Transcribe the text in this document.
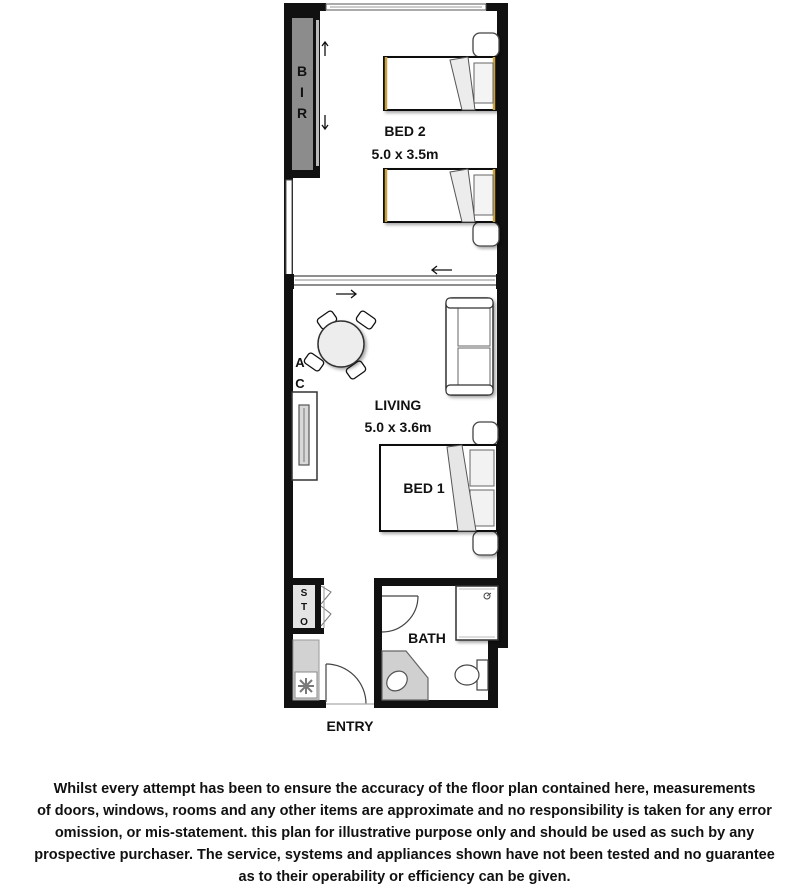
B
I
R
BED 2
5.0 x 3.5m
A
C
LIVING
5.0 x 3.6m
BED 1
S
T
O
ENTRY
BATH
Whilst every attempt has been to ensure the accuracy of the floor plan contained here, measurements
of doors, windows, rooms and any other items are approximate and no responsibility is taken for any error
omission, or mis-statement. this plan for illustrative purpose only and should be used as such by any
prospective purchaser. The service, systems and appliances shown have not been tested and no guarantee
as to their operability or efficiency can be given.
